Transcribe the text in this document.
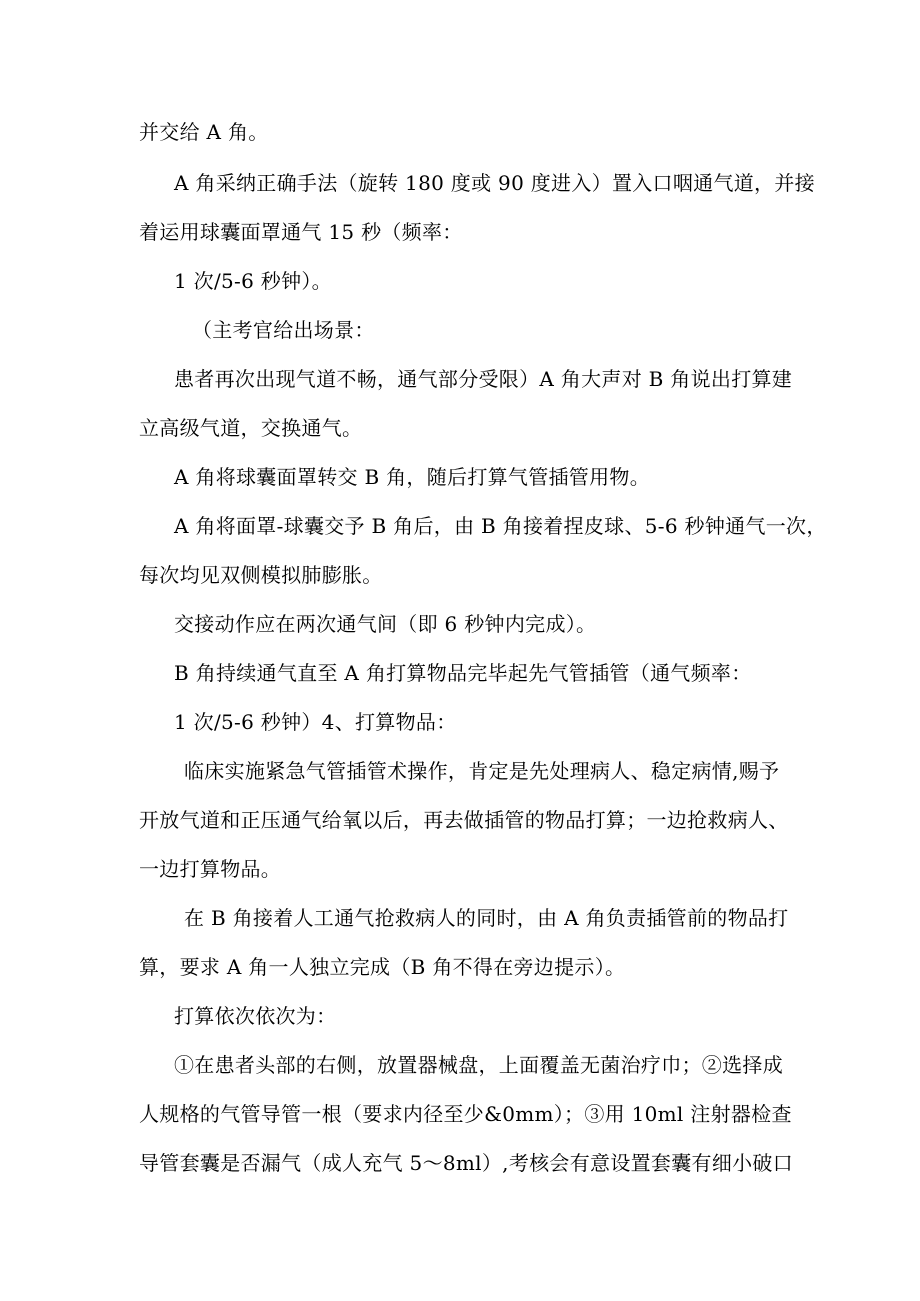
并交给 A 角。
A 角采纳正确手法（旋转 180 度或 90 度进入）置入口咽通气道，并接
着运用球囊面罩通气 15 秒（频率：
1 次/5-6 秒钟）。
（主考官给出场景：
患者再次出现气道不畅，通气部分受限）A 角大声对 B 角说出打算建
立高级气道，交换通气。
A 角将球囊面罩转交 B 角，随后打算气管插管用物。
A 角将面罩-球囊交予 B 角后，由 B 角接着捏皮球、5-6 秒钟通气一次，
每次均见双侧模拟肺膨胀。
交接动作应在两次通气间（即 6 秒钟内完成）。
B 角持续通气直至 A 角打算物品完毕起先气管插管（通气频率：
1 次/5-6 秒钟）4、打算物品：
临床实施紧急气管插管术操作，肯定是先处理病人、稳定病情,赐予
开放气道和正压通气给氧以后，再去做插管的物品打算；一边抢救病人、
一边打算物品。
在 B 角接着人工通气抢救病人的同时，由 A 角负责插管前的物品打
算，要求 A 角一人独立完成（B 角不得在旁边提示）。
打算依次依次为：
①在患者头部的右侧，放置器械盘，上面覆盖无菌治疗巾；②选择成
人规格的气管导管一根（要求内径至少&0mm）；③用 10ml 注射器检查
导管套囊是否漏气（成人充气 5～8ml）,考核会有意设置套囊有细小破口
